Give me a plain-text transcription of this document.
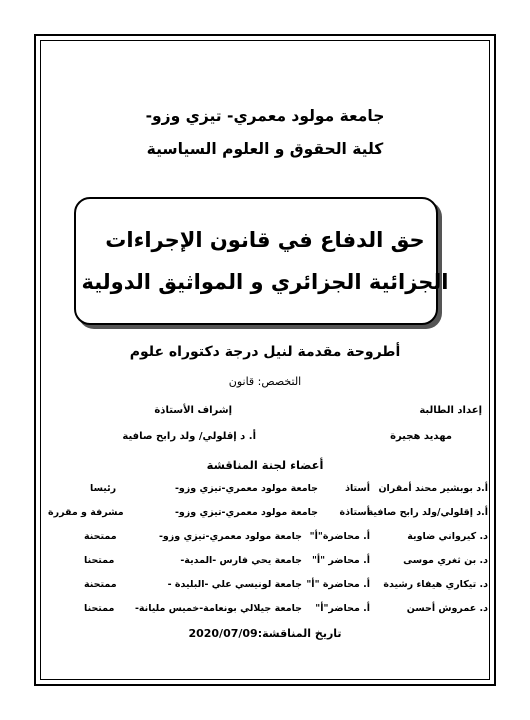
جامعة مولود معمري- تيزي وزو-
كلية الحقوق و العلوم السياسية
حق الدفاع في قانون الإجراءات
الجزائية الجزائري و المواثيق الدولية
أطروحة مقدمة لنيل درجة دكتوراه علوم
التخصص: قانون
إعداد الطالبة
مهديد هجيرة
إشراف الأستاذة
أ. د إقلولي/ ولد رابح صافية
أعضاء لجنة المناقشة
أ.د بوبشير محند أمقران
أستاذ
جامعة مولود معمري-تيزي وزو-
رئيسا
أ.د إقلولي/ولد رابح صافية
أستاذة
جامعة مولود معمري-تيزي وزو-
مشرفة و مقررة
د. كيرواني ضاوية
أ. محاضرة"أ"
جامعة مولود معمري-تيزي وزو-
ممتحنة
د. بن ثغري موسى
أ. محاضر "أ"
جامعة يحي فارس -المدية-
ممتحنا
د. تيكاري هيفاء رشيدة
أ. محاضرة "أ"
جامعة لونيسي علي -البليدة -
ممتحنة
د. عمروش أحسن
أ. محاضر"أ"
جامعة جيلالي بونعامة-خميس مليانة-
ممتحنا
تاريخ المناقشة:2020/07/09
